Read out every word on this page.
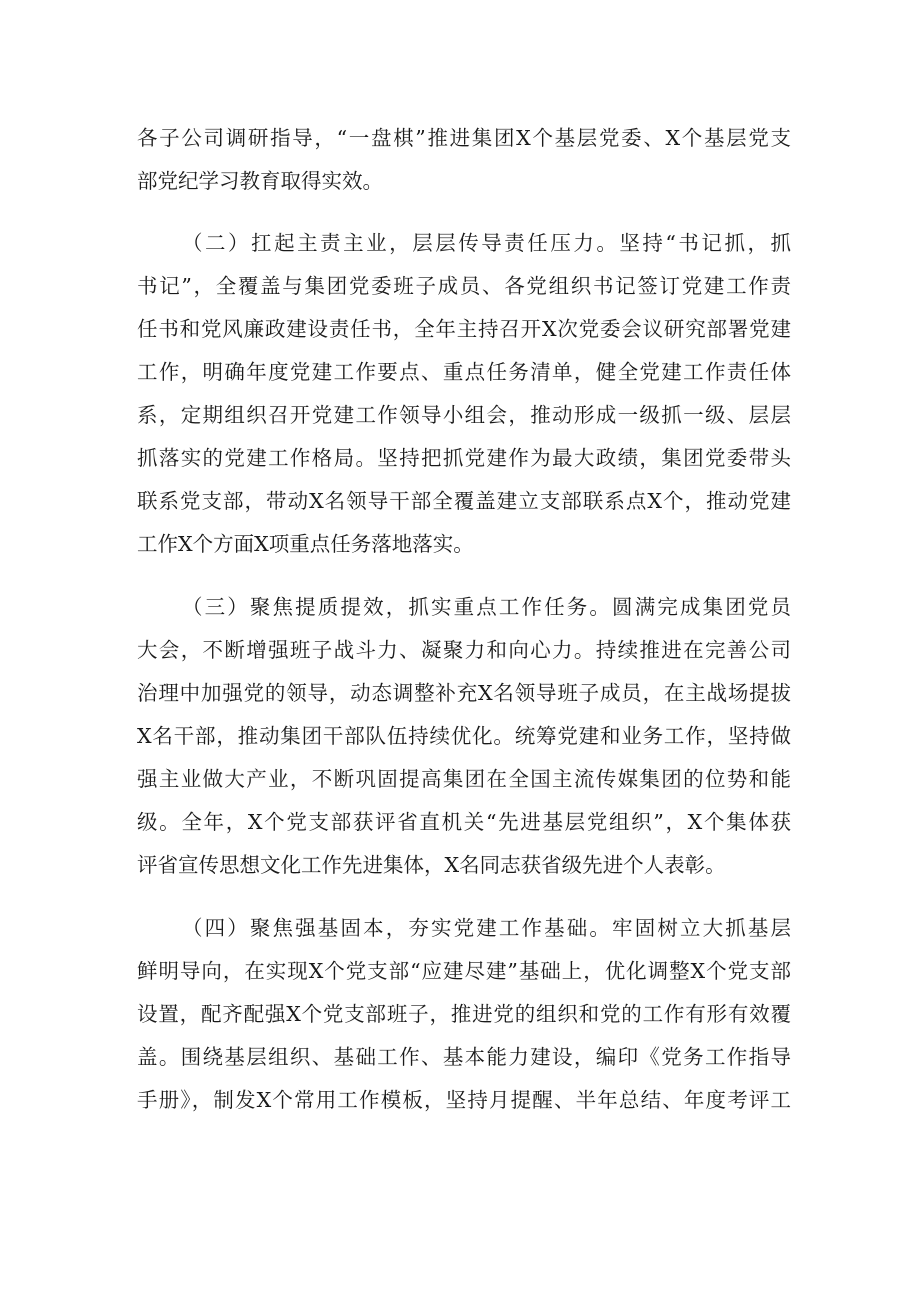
各子公司调研指导，“一盘棋”推进集团X个基层党委、X个基层党支
部党纪学习教育取得实效。
（二）扛起主责主业，层层传导责任压力。坚持“书记抓，抓
书记”，全覆盖与集团党委班子成员、各党组织书记签订党建工作责
任书和党风廉政建设责任书，全年主持召开X次党委会议研究部署党建
工作，明确年度党建工作要点、重点任务清单，健全党建工作责任体
系，定期组织召开党建工作领导小组会，推动形成一级抓一级、层层
抓落实的党建工作格局。坚持把抓党建作为最大政绩，集团党委带头
联系党支部，带动X名领导干部全覆盖建立支部联系点X个，推动党建
工作X个方面X项重点任务落地落实。
（三）聚焦提质提效，抓实重点工作任务。圆满完成集团党员
大会，不断增强班子战斗力、凝聚力和向心力。持续推进在完善公司
治理中加强党的领导，动态调整补充X名领导班子成员，在主战场提拔
X名干部，推动集团干部队伍持续优化。统筹党建和业务工作，坚持做
强主业做大产业，不断巩固提高集团在全国主流传媒集团的位势和能
级。全年，X个党支部获评省直机关“先进基层党组织”，X个集体获
评省宣传思想文化工作先进集体，X名同志获省级先进个人表彰。
（四）聚焦强基固本，夯实党建工作基础。牢固树立大抓基层
鲜明导向，在实现X个党支部“应建尽建”基础上，优化调整X个党支部
设置，配齐配强X个党支部班子，推进党的组织和党的工作有形有效覆
盖。围绕基层组织、基础工作、基本能力建设，编印《党务工作指导
手册》，制发X个常用工作模板，坚持月提醒、半年总结、年度考评工
